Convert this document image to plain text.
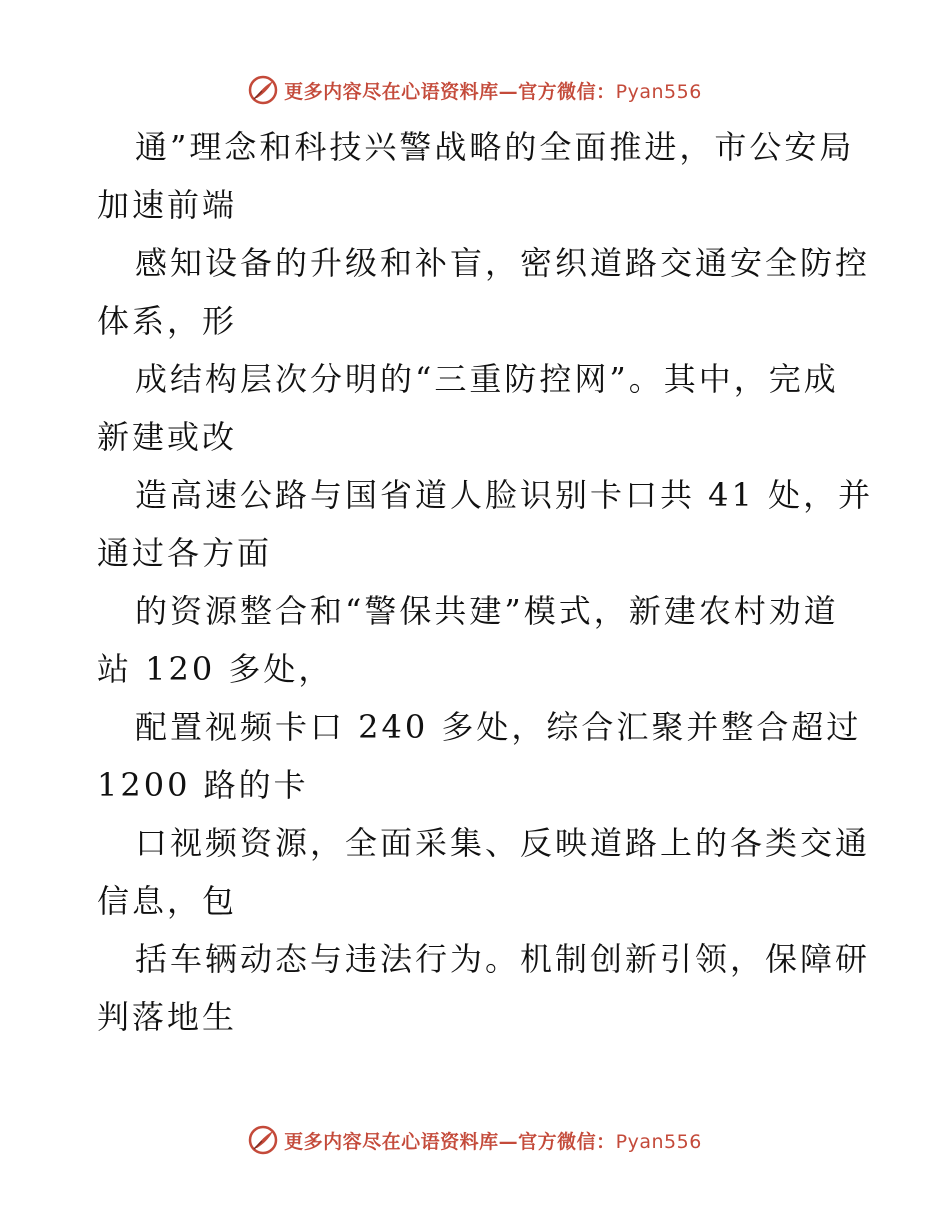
更多内容尽在心语资料库—官方微信：Pyan556
通”理念和科技兴警战略的全面推进，市公安局
加速前端
感知设备的升级和补盲，密织道路交通安全防控
体系，形
成结构层次分明的“三重防控网”。其中，完成
新建或改
造高速公路与国省道人脸识别卡口共 41 处，并
通过各方面
的资源整合和“警保共建”模式，新建农村劝道
站 120 多处，
配置视频卡口 240 多处，综合汇聚并整合超过
1200 路的卡
口视频资源，全面采集、反映道路上的各类交通
信息，包
括车辆动态与违法行为。机制创新引领，保障研
判落地生
更多内容尽在心语资料库—官方微信：Pyan556
